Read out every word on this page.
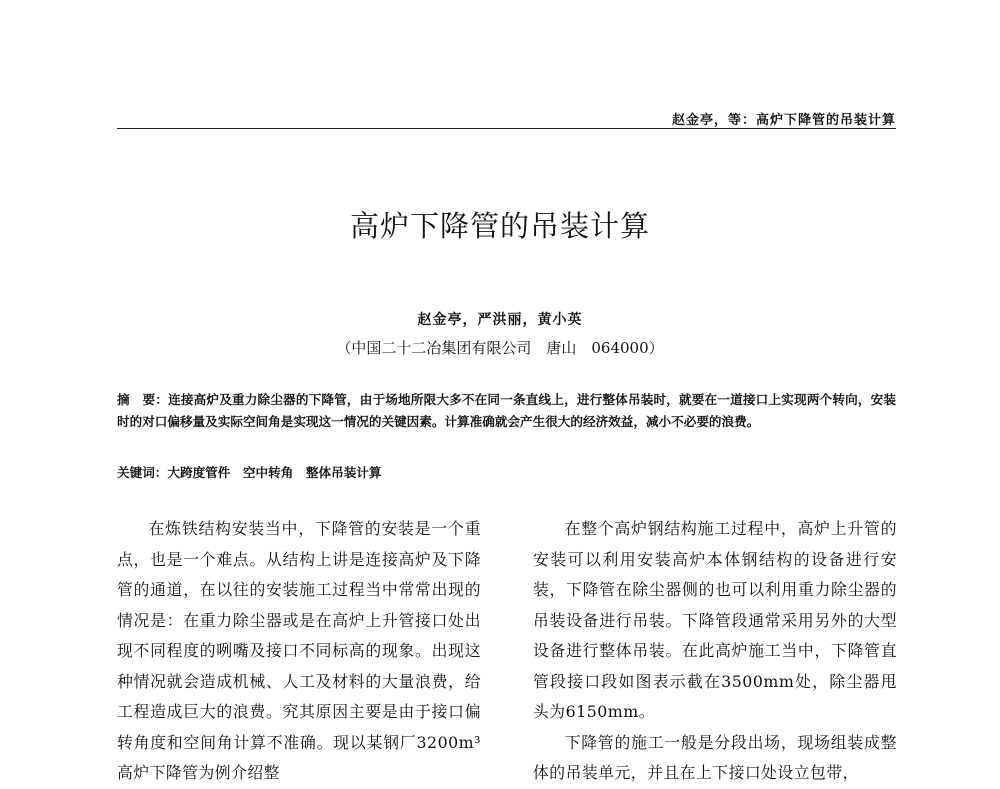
赵金亭，等：高炉下降管的吊装计算
高炉下降管的吊装计算
赵金亭，严洪丽，黄小英
（中国二十二冶集团有限公司　唐山　064000）
摘　要：连接高炉及重力除尘器的下降管，由于场地所限大多不在同一条直线上，进行整体吊装时，就要在一道接口上实现两个转向，安装时的对口偏移量及实际空间角是实现这一情况的关键因素。计算准确就会产生很大的经济效益，减小不必要的浪费。
关键词：大跨度管件　空中转角　整体吊装计算

在炼铁结构安装当中，下降管的安装是一个重点，也是一个难点。从结构上讲是连接高炉及下降管的通道，在以往的安装施工过程当中常常出现的情况是：在重力除尘器或是在高炉上升管接口处出现不同程度的咧嘴及接口不同标高的现象。出现这种情况就会造成机械、人工及材料的大量浪费，给工程造成巨大的浪费。究其原因主要是由于接口偏转角度和空间角计算不准确。现以某钢厂3200m³高炉下降管为例介绍整

在整个高炉钢结构施工过程中，高炉上升管的安装可以利用安装高炉本体钢结构的设备进行安装，下降管在除尘器侧的也可以利用重力除尘器的吊装设备进行吊装。下降管段通常采用另外的大型设备进行整体吊装。在此高炉施工当中，下降管直管段接口段如图表示截在3500mm处，除尘器甩头为6150mm。

下降管的施工一般是分段出场，现场组装成整体的吊装单元，并且在上下接口处设立包带，
